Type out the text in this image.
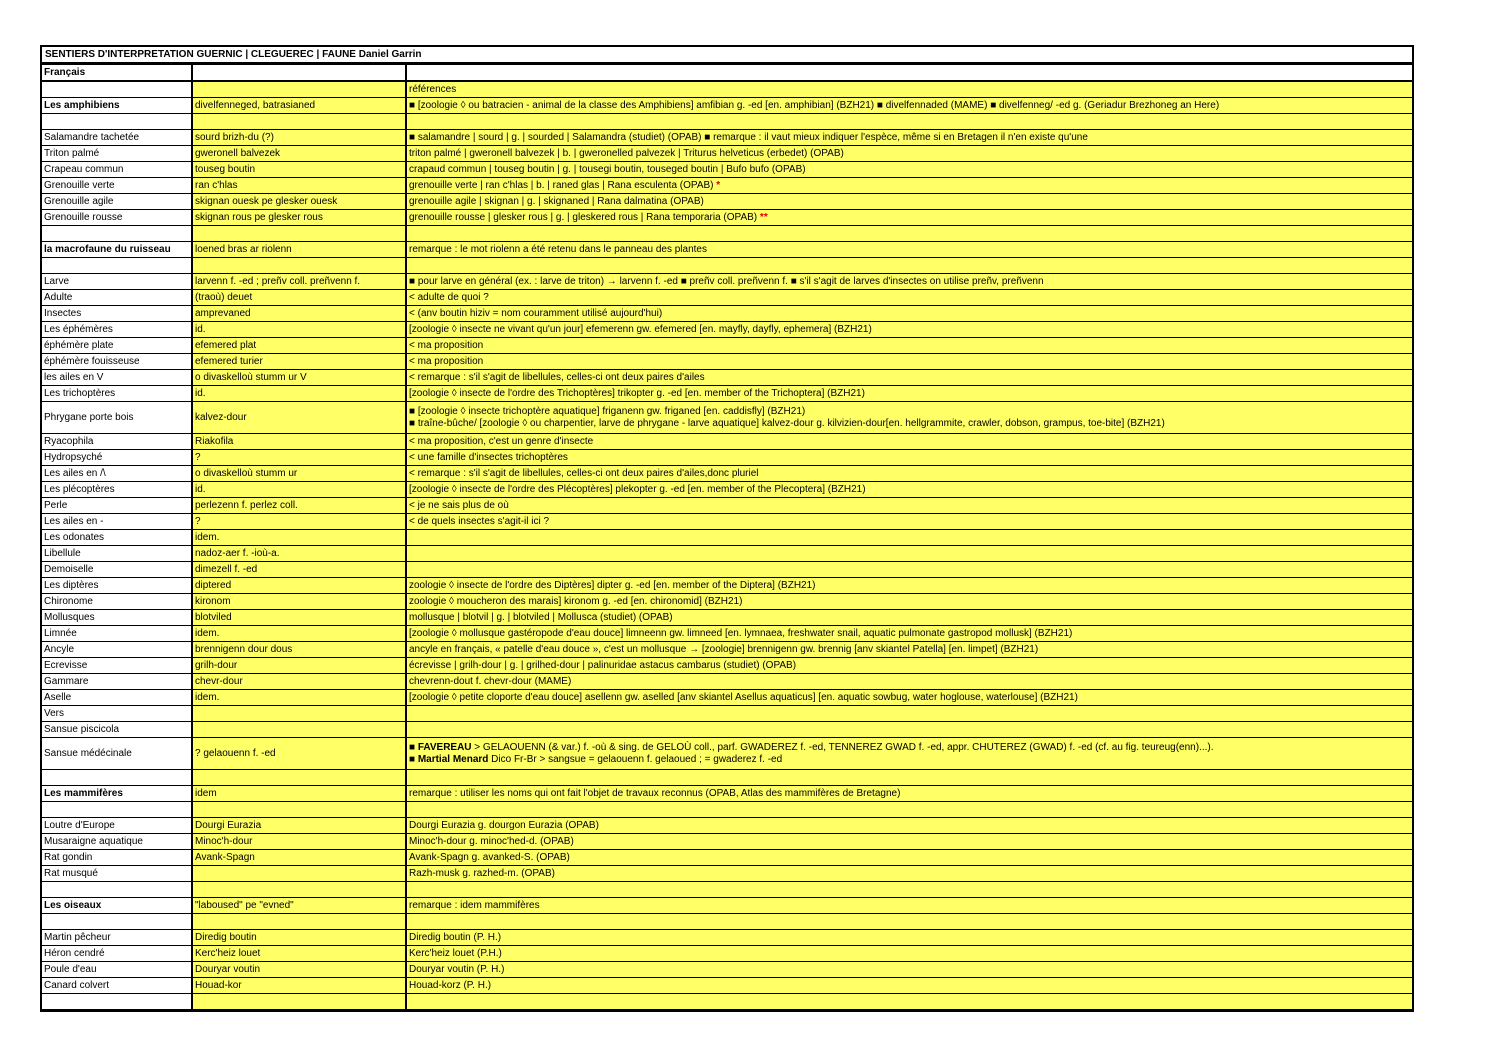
SENTIERS D'INTERPRETATION GUERNIC | CLEGUEREC | FAUNE Daniel Garrin
Français		
		références
Les amphibiens	divelfenneged, batrasianed	■ [zoologie ◊ ou batracien - animal de la classe des Amphibiens] amfibian g. -ed [en. amphibian] (BZH21) ■ divelfennaded (MAME) ■ divelfenneg/ -ed g. (Geriadur Brezhoneg an Here)

Salamandre tachetée	sourd brizh-du (?)	■ salamandre | sourd | g. | sourded | Salamandra (studiet) (OPAB) ■ remarque : il vaut mieux indiquer l'espèce, même si en Bretagen il n'en existe qu'une
Triton palmé	gweronell balvezek	triton palmé | gweronell balvezek | b. | gweronelled palvezek | Triturus helveticus (erbedet) (OPAB)
Crapeau commun	touseg boutin	crapaud commun | touseg boutin | g. | tousegi boutin, touseged boutin | Bufo bufo (OPAB)
Grenouille verte	ran c'hlas	grenouille verte | ran c'hlas | b. | raned glas | Rana esculenta (OPAB) *
Grenouille agile	skignan ouesk pe glesker ouesk	grenouille agile | skignan | g. | skignaned | Rana dalmatina (OPAB)
Grenouille rousse	skignan rous pe glesker rous	grenouille rousse | glesker rous | g. | gleskered rous | Rana temporaria (OPAB) **

la macrofaune du ruisseau	loened bras ar riolenn	remarque : le mot riolenn a été retenu dans le panneau des plantes

Larve	larvenn f. -ed ; preñv coll. preñvenn f.	■ pour larve en général (ex. : larve de triton) → larvenn f. -ed ■ preñv coll. preñvenn f. ■ s'il s'agit de larves d'insectes on utilise preñv, preñvenn
Adulte	(traoù) deuet	< adulte de quoi ?
Insectes	amprevaned	< (anv boutin hiziv = nom couramment utilisé aujourd'hui)
Les éphémères	id.	[zoologie ◊ insecte ne vivant qu'un jour] efemerenn gw. efemered [en. mayfly, dayfly, ephemera] (BZH21)
éphémère plate	efemered plat	< ma proposition
éphémère fouisseuse	efemered turier	< ma proposition
les ailes en V	o divaskelloù stumm ur V	< remarque : s'il s'agit de libellules, celles-ci ont deux paires d'ailes
Les trichoptères	id.	[zoologie ◊ insecte de l'ordre des Trichoptères] trikopter g. -ed [en. member of the Trichoptera] (BZH21)
Phrygane porte bois	kalvez-dour	■ [zoologie ◊ insecte trichoptère aquatique] friganenn gw. friganed [en. caddisfly] (BZH21)
■ traîne-bûche/ [zoologie ◊ ou charpentier, larve de phrygane - larve aquatique] kalvez-dour g. kilvizien-dour[en. hellgrammite, crawler, dobson, grampus, toe-bite] (BZH21)

Ryacophila	Riakofila	< ma proposition, c'est un genre d'insecte
Hydropsyché	?	< une famille d'insectes trichoptères
Les ailes en /\	o divaskelloù stumm ur	< remarque : s'il s'agit de libellules, celles-ci ont deux paires d'ailes,donc pluriel
Les plécoptères	id.	[zoologie ◊ insecte de l'ordre des Plécoptères] plekopter g. -ed [en. member of the Plecoptera] (BZH21)
Perle	perlezenn f. perlez coll.	< je ne sais plus de où
Les ailes en -	?	< de quels insectes s'agit-il ici ?
Les odonates	idem.	
Libellule	nadoz-aer f. -ioù-a.	
Demoiselle	dimezell f. -ed	
Les diptères	diptered	zoologie ◊ insecte de l'ordre des Diptères] dipter g. -ed [en. member of the Diptera] (BZH21)
Chironome	kironom	zoologie ◊ moucheron des marais] kironom g. -ed [en. chironomid] (BZH21)
Mollusques	blotviled	mollusque | blotvil | g. | blotviled | Mollusca (studiet) (OPAB)
Limnée	idem.	[zoologie ◊ mollusque gastéropode d'eau douce] limneenn gw. limneed [en. lymnaea, freshwater snail, aquatic pulmonate gastropod mollusk] (BZH21)
Ancyle	brennigenn dour dous	ancyle en français, « patelle d'eau douce », c'est un mollusque → [zoologie] brennigenn gw. brennig [anv skiantel Patella] [en. limpet] (BZH21)
Ecrevisse	grilh-dour	écrevisse | grilh-dour | g. | grilhed-dour | palinuridae astacus cambarus (studiet) (OPAB)
Gammare	chevr-dour	chevrenn-dout f. chevr-dour (MAME)
Aselle	idem.	[zoologie ◊ petite cloporte d'eau douce] asellenn gw. aselled [anv skiantel Asellus aquaticus] [en. aquatic sowbug, water hoglouse, waterlouse] (BZH21)
Vers		
Sansue piscicola		
Sansue médécinale	? gelaouenn f. -ed	■ FAVEREAU > GELAOUENN (& var.) f. -où & sing. de GELOÙ coll., parf. GWADEREZ f. -ed, TENNEREZ GWAD f. -ed, appr. CHUTEREZ (GWAD) f. -ed (cf. au fig. teureug(enn)...).
■ Martial Menard Dico Fr-Br > sangsue = gelaouenn f. gelaoued ; = gwaderez f. -ed

Les mammifères	idem	remarque : utiliser les noms qui ont fait l'objet de travaux reconnus (OPAB, Atlas des mammifères de Bretagne)

Loutre d'Europe	Dourgi Eurazia	Dourgi Eurazia g. dourgon Eurazia (OPAB)
Musaraigne aquatique	Minoc'h-dour	Minoc'h-dour g. minoc'hed-d. (OPAB)
Rat gondin	Avank-Spagn	Avank-Spagn g. avanked-S. (OPAB)
Rat musqué		Razh-musk g. razhed-m. (OPAB)

Les oiseaux	"laboused" pe "evned"	remarque : idem mammifères

Martin pêcheur	Diredig boutin	Diredig boutin (P. H.)
Héron cendré	Kerc'heiz louet	Kerc'heiz louet (P.H.)
Poule d'eau	Douryar voutin	Douryar voutin (P. H.)
Canard colvert	Houad-kor	Houad-korz (P. H.)
